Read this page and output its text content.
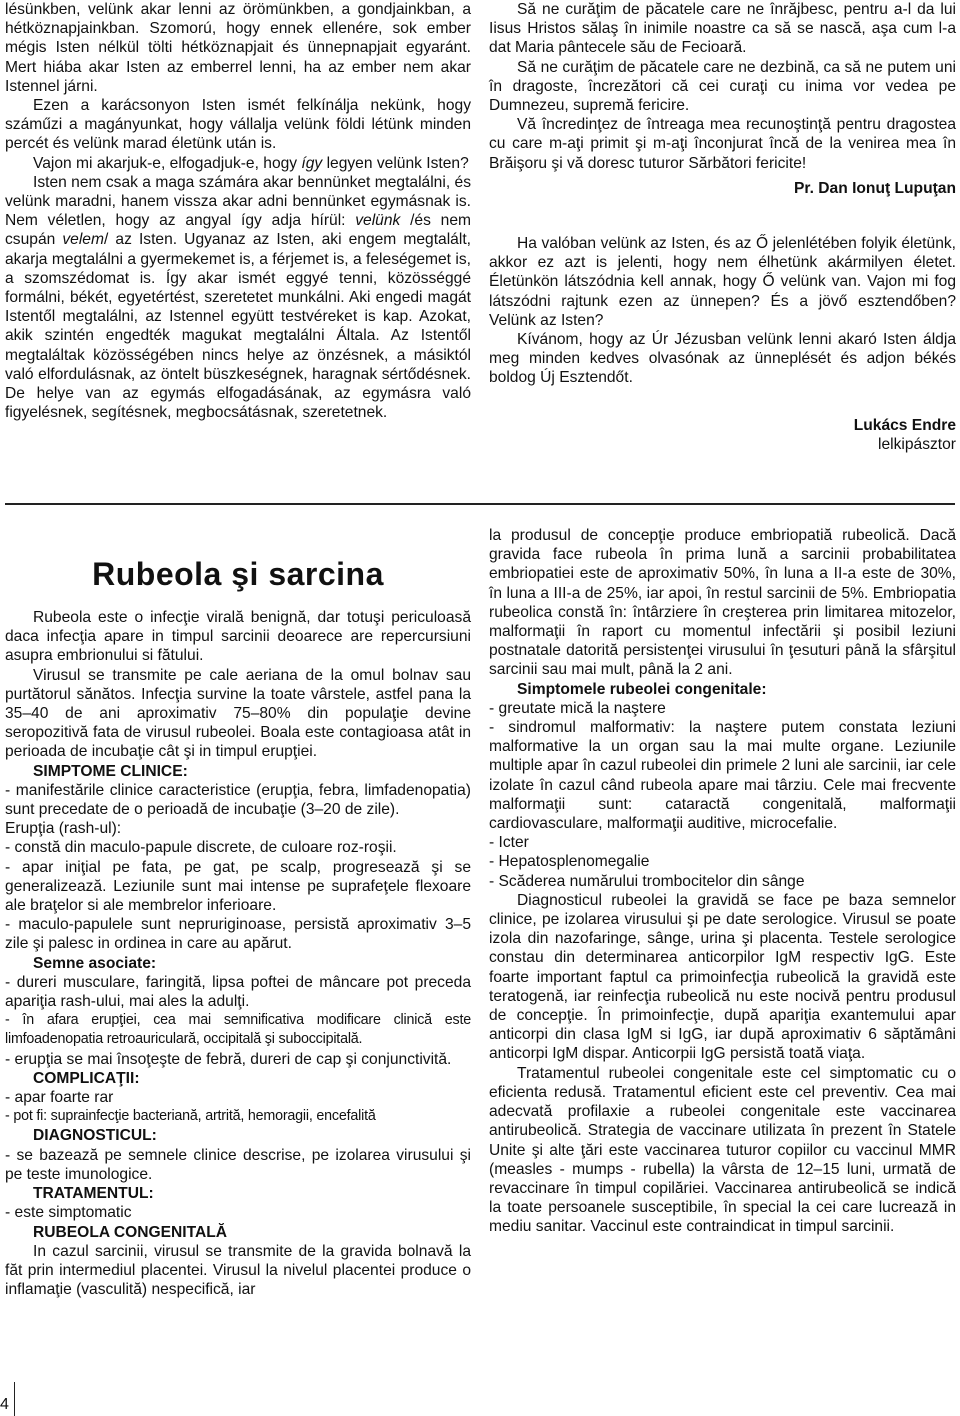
lésünkben, velünk akar lenni az örömünkben, a gondjainkban, a hétköznapjainkban. Szomorú, hogy ennek ellenére, sok ember mégis Isten nélkül tölti hétköznapjait és ünnepnapjait egyaránt. Mert hiába akar Isten az emberrel lenni, ha az ember nem akar Istennel járni.

Ezen a karácsonyon Isten ismét felkínálja nekünk, hogy száműzi a magányunkat, hogy vállalja velünk földi létünk minden percét és velünk marad életünk után is.

Vajon mi akarjuk-e, elfogadjuk-e, hogy így legyen velünk Isten?

Isten nem csak a maga számára akar bennünket megtalálni, és velünk maradni, hanem vissza akar adni bennünket egymásnak is. Nem véletlen, hogy az angyal így adja hírül: velünk /és nem csupán velem/ az Isten. Ugyanaz az Isten, aki engem megtalált, akarja megtalálni a gyermekemet is, a férjemet is, a feleségemet is, a szomszédomat is. Így akar ismét eggyé tenni, közösséggé formálni, békét, egyetértést, szeretetet munkálni. Aki engedi magát Istentől megtalálni, az Istennel együtt testvéreket is kap. Azokat, akik szintén engedték magukat megtalálni Általa. Az Istentől megtaláltak közösségében nincs helye az önzésnek, a másiktól való elfordulásnak, az öntelt büszkeségnek, haragnak sértődésnek. De helye van az egymás elfogadásának, az egymásra való figyelésnek, segítésnek, megbocsátásnak, szeretetnek.

Să ne curăţim de păcatele care ne înrăjbesc, pentru a-l da lui Iisus Hristos sălaş în inimile noastre ca să se nască, aşa cum l-a dat Maria pântecele său de Fecioară.

Să ne curăţim de păcatele care ne dezbină, ca să ne putem uni în dragoste, încrezători că cei curaţi cu inima vor vedea pe Dumnezeu, supremă fericire.

Vă încredinţez de întreaga mea recunoştinţă pentru dragostea cu care m-aţi primit şi m-aţi înconjurat încă de la venirea mea în Brăişoru şi vă doresc tuturor Sărbători fericite!

Pr. Dan Ionuţ Lupuţan

Ha valóban velünk az Isten, és az Ő jelenlétében folyik életünk, akkor ez azt is jelenti, hogy nem élhetünk akármilyen életet. Életünkön látszódnia kell annak, hogy Ő velünk van. Vajon mi fog látszódni rajtunk ezen az ünnepen? És a jövő esztendőben? Velünk az Isten?

Kívánom, hogy az Úr Jézusban velünk lenni akaró Isten áldja meg minden kedves olvasónak az ünneplését és adjon békés boldog Új Esztendőt.

Lukács Endre

lelkipásztor

Rubeola şi sarcina

Rubeola este o infecţie virală benignă, dar totuşi periculoasă daca infecţia apare in timpul sarcinii deoarece are repercursiuni asupra embrionului si fătului.

Virusul se transmite pe cale aeriana de la omul bolnav sau purtătorul sănătos. Infecţia survine la toate vârstele, astfel pana la 35–40 de ani aproximativ 75–80% din populaţie devine seropozitivă fata de virusul rubeolei. Boala este contagioasa atât in perioada de incubaţie cât şi in timpul erupţiei.

SIMPTOME CLINICE:

- manifestările clinice caracteristice (erupţia, febra, limfadenopatia) sunt precedate de o perioadă de incubaţie (3–20 de zile).

Erupţia (rash-ul):

- constă din maculo-papule discrete, de culoare roz-roşii.

- apar iniţial pe fata, pe gat, pe scalp, progresează şi se generalizează. Leziunile sunt mai intense pe suprafeţele flexoare ale braţelor si ale membrelor inferioare.

- maculo-papulele sunt nepruriginoase, persistă aproximativ 3–5 zile şi palesc in ordinea in care au apărut.

Semne asociate:

- dureri musculare, faringită, lipsa poftei de mâncare pot preceda apariţia rash-ului, mai ales la adulţi.

- în afara erupţiei, cea mai semnificativa modificare clinică este limfoadenopatia retroauriculară, occipitală şi suboccipitală.

- erupţia se mai însoţeşte de febră, dureri de cap şi conjunctivită.

COMPLICAŢII:

- apar foarte rar

- pot fi: suprainfecţie bacteriană, artrită, hemoragii, encefalită

DIAGNOSTICUL:

- se bazează pe semnele clinice descrise, pe izolarea virusului şi pe teste imunologice.

TRATAMENTUL:

- este simptomatic

RUBEOLA CONGENITALĂ

In cazul sarcinii, virusul se transmite de la gravida bolnavă la făt prin intermediul placentei. Virusul la nivelul placentei produce o inflamaţie (vasculită) nespecifică, iar

la produsul de concepţie produce embriopatiă rubeolică. Dacă gravida face rubeola în prima lună a sarcinii probabilitatea embriopatiei este de aproximativ 50%, în luna a II-a este de 30%, în luna a III-a de 25%, iar apoi, în restul sarcinii de 5%. Embriopatia rubeolica constă în: întârziere în creşterea prin limitarea mitozelor, malformaţii în raport cu momentul infectării şi posibil leziuni postnatale datorită persistenţei virusului în ţesuturi până la sfârşitul sarcinii sau mai mult, până la 2 ani.

Simptomele rubeolei congenitale:

- greutate mică la naştere

- sindromul malformativ: la naştere putem constata leziuni malformative la un organ sau la mai multe organe. Leziunile multiple apar în cazul rubeolei din primele 2 luni ale sarcinii, iar cele izolate în cazul când rubeola apare mai târziu. Cele mai frecvente malformaţii sunt: cataractă congenitală, malformaţii cardiovasculare, malformaţii auditive, microcefalie.

- Icter

- Hepatosplenomegalie

- Scăderea numărului trombocitelor din sânge

Diagnosticul rubeolei la gravidă se face pe baza semnelor clinice, pe izolarea virusului şi pe date serologice. Virusul se poate izola din nazofaringe, sânge, urina şi placenta. Testele serologice constau din determinarea anticorpilor IgM respectiv IgG. Este foarte important faptul ca primoinfecţia rubeolică la gravidă este teratogenă, iar reinfecţia rubeolică nu este nocivă pentru produsul de concepţie. În primoinfecţie, după apariţia exantemului apar anticorpi din clasa IgM si IgG, iar după aproximativ 6 săptămâni anticorpi IgM dispar. Anticorpii IgG persistă toată viaţa.

Tratamentul rubeolei congenitale este cel simptomatic cu o eficienta redusă. Tratamentul eficient este cel preventiv. Cea mai adecvată profilaxie a rubeolei congenitale este vaccinarea antirubeolică. Strategia de vaccinare utilizata în prezent în Statele Unite şi alte ţări este vaccinarea tuturor copiilor cu vaccinul MMR (measles - mumps - rubella) la vârsta de 12–15 luni, urmată de revaccinare în timpul copilăriei. Vaccinarea antirubeolică se indică la toate persoanele susceptibile, în special la cei care lucrează in mediu sanitar. Vaccinul este contraindicat in timpul sarcinii.

4
